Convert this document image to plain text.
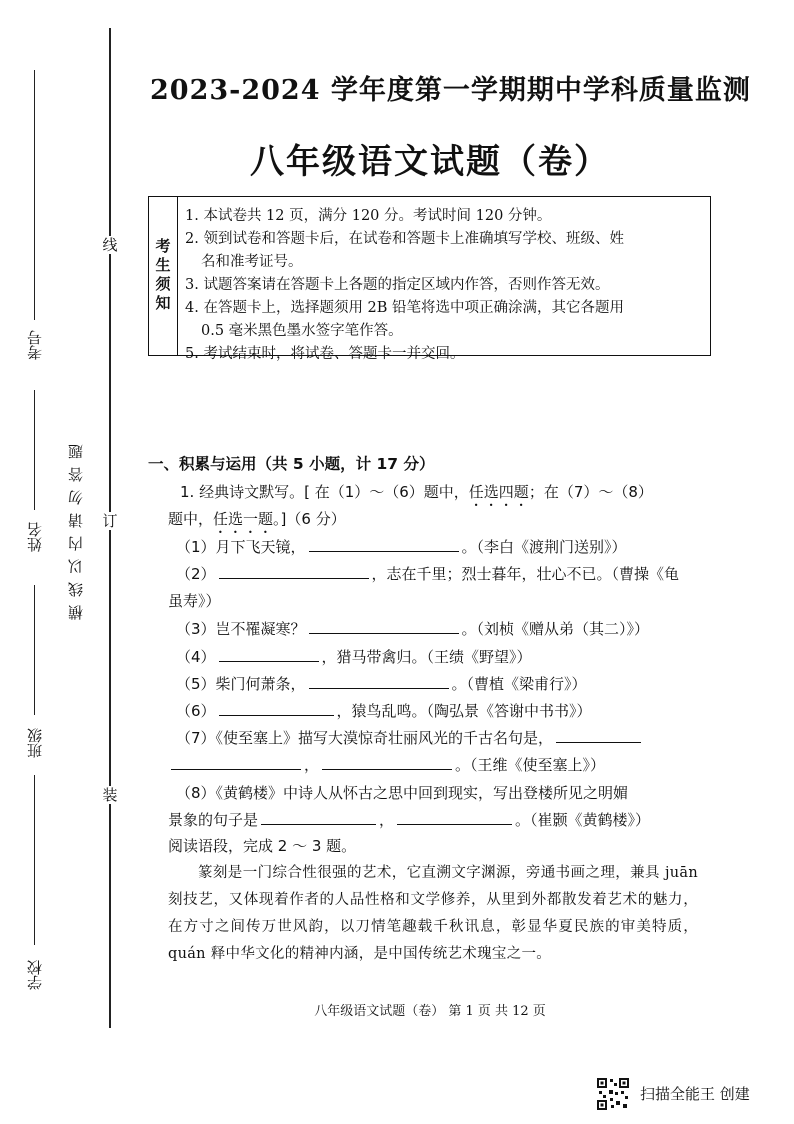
线
订
装
考号
姓名
班级
学校
横线以内请勿答题
2023-2024 学年度第一学期期中学科质量监测
八年级语文试题（卷）
考生须知
1. 本试卷共 12 页，满分 120 分。考试时间 120 分钟。
2. 领到试卷和答题卡后，在试卷和答题卡上准确填写学校、班级、姓
名和准考证号。
3. 试题答案请在答题卡上各题的指定区域内作答，否则作答无效。
4. 在答题卡上，选择题须用 2B 铅笔将选中项正确涂满，其它各题用
0.5 毫米黑色墨水签字笔作答。
5. 考试结束时，将试卷、答题卡一并交回。
一、积累与运用（共 5 小题，计 17 分）
1. 经典诗文默写。[ 在（1）～（6）题中，任选四题；在（7）～（8）
题中，任选一题。]（6 分）
（1）月下飞天镜，	。（李白《渡荆门送别》）
（2）	，志在千里；烈士暮年，壮心不已。（曹操《龟
虽寿》）
（3）岂不罹凝寒？	。（刘桢《赠从弟（其二）》）
（4）	，猎马带禽归。（王绩《野望》）
（5）柴门何萧条，	。（曹植《梁甫行》）
（6）	，猿鸟乱鸣。（陶弘景《答谢中书书》）
（7）《使至塞上》描写大漠惊奇壮丽风光的千古名句是，
，	。（王维《使至塞上》）
（8）《黄鹤楼》中诗人从怀古之思中回到现实，写出登楼所见之明媚
景象的句子是	，	。（崔颢《黄鹤楼》）
阅读语段，完成 2 ～ 3 题。

篆刻是一门综合性很强的艺术，它直溯文字渊源，旁通书画之理，兼具 juān 刻技艺，又体现着作者的人品性格和文学修养，从里到外都散发着艺术的魅力，在方寸之间传万世风韵，以刀情笔趣载千秋讯息，彰显华夏民族的审美特质，quán 释中华文化的精神内涵，是中国传统艺术瑰宝之一。

八年级语文试题（卷） 第 1 页 共 12 页
扫描全能王 创建
